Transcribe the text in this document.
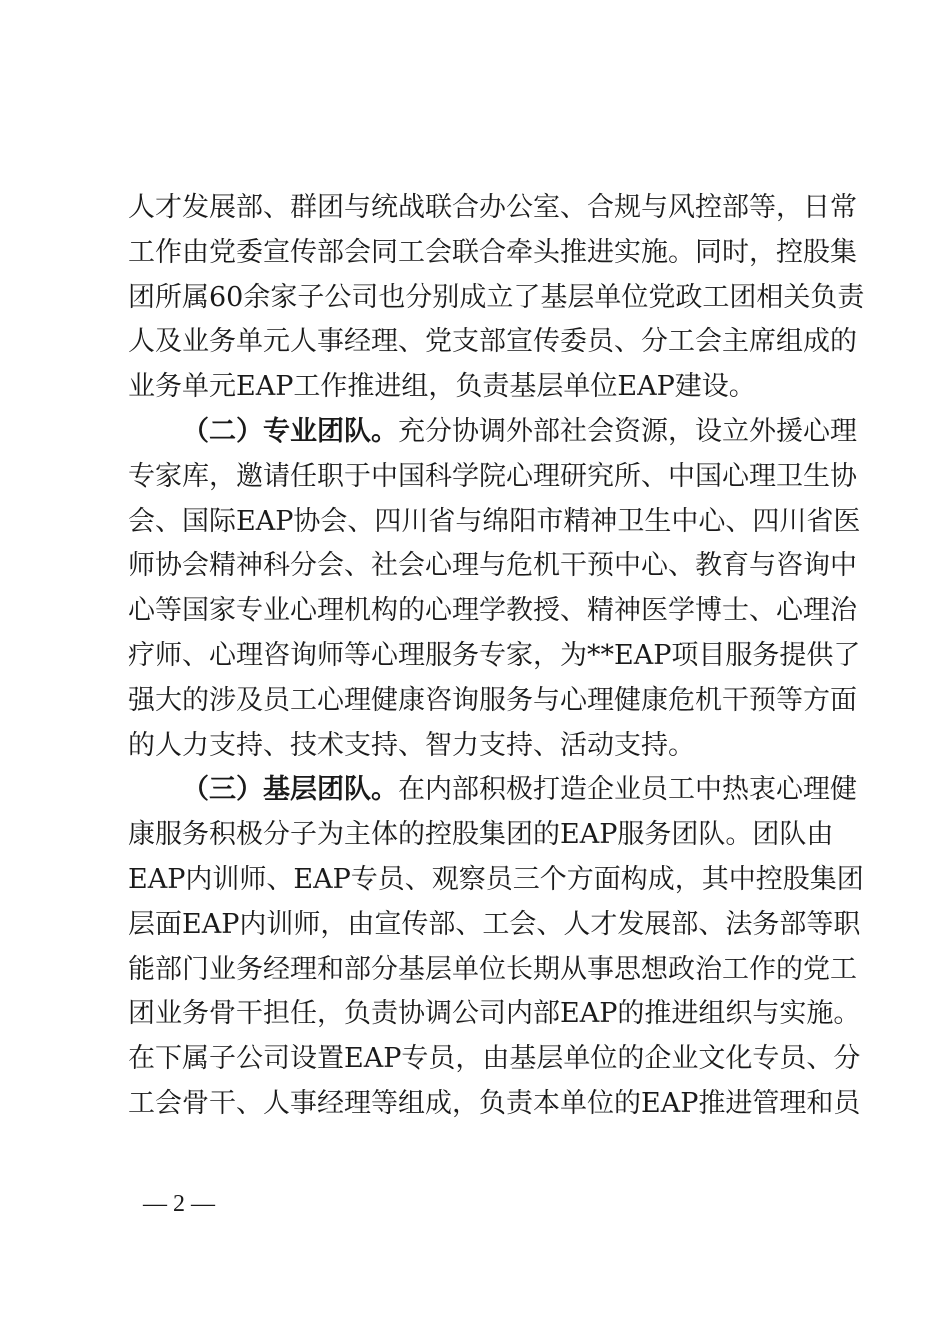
人才发展部、群团与统战联合办公室、合规与风控部等，日常
工作由党委宣传部会同工会联合牵头推进实施。同时，控股集
团所属60余家子公司也分别成立了基层单位党政工团相关负责
人及业务单元人事经理、党支部宣传委员、分工会主席组成的
业务单元EAP工作推进组，负责基层单位EAP建设。
（二）专业团队。充分协调外部社会资源，设立外援心理
专家库，邀请任职于中国科学院心理研究所、中国心理卫生协
会、国际EAP协会、四川省与绵阳市精神卫生中心、四川省医
师协会精神科分会、社会心理与危机干预中心、教育与咨询中
心等国家专业心理机构的心理学教授、精神医学博士、心理治
疗师、心理咨询师等心理服务专家，为**EAP项目服务提供了
强大的涉及员工心理健康咨询服务与心理健康危机干预等方面
的人力支持、技术支持、智力支持、活动支持。
（三）基层团队。在内部积极打造企业员工中热衷心理健
康服务积极分子为主体的控股集团的EAP服务团队。团队由
EAP内训师、EAP专员、观察员三个方面构成，其中控股集团
层面EAP内训师，由宣传部、工会、人才发展部、法务部等职
能部门业务经理和部分基层单位长期从事思想政治工作的党工
团业务骨干担任，负责协调公司内部EAP的推进组织与实施。
在下属子公司设置EAP专员，由基层单位的企业文化专员、分
工会骨干、人事经理等组成，负责本单位的EAP推进管理和员
— 2 —
